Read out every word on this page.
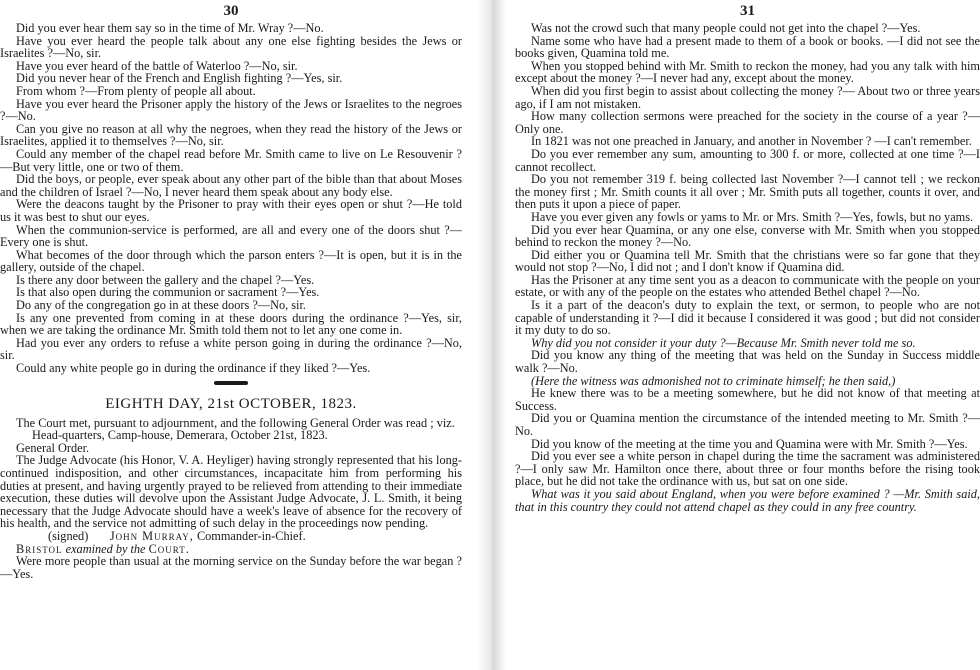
30

Did you ever hear them say so in the time of Mr. Wray ?—No.

Have you ever heard the people talk about any one else fighting besides the Jews or Israelites ?—No, sir.

Have you ever heard of the battle of Waterloo ?—No, sir.

Did you never hear of the French and English fighting ?—Yes, sir.

From whom ?—From plenty of people all about.

Have you ever heard the Prisoner apply the history of the Jews or Israelites to the negroes ?—No.

Can you give no reason at all why the negroes, when they read the history of the Jews or Israelites, applied it to themselves ?—No, sir.

Could any member of the chapel read before Mr. Smith came to live on Le Resouvenir ?—But very little, one or two of them.

Did the boys, or people, ever speak about any other part of the bible than that about Moses and the children of Israel ?—No, I never heard them speak about any body else.

Were the deacons taught by the Prisoner to pray with their eyes open or shut ?—He told us it was best to shut our eyes.

When the communion-service is performed, are all and every one of the doors shut ?—Every one is shut.

What becomes of the door through which the parson enters ?—It is open, but it is in the gallery, outside of the chapel.

Is there any door between the gallery and the chapel ?—Yes.

Is that also open during the communion or sacrament ?—Yes.

Do any of the congregation go in at these doors ?—No, sir.

Is any one prevented from coming in at these doors during the ordinance ?—Yes, sir, when we are taking the ordinance Mr. Smith told them not to let any one come in.

Had you ever any orders to refuse a white person going in during the ordinance ?—No, sir.

Could any white people go in during the ordinance if they liked ?—Yes.

EIGHTH DAY, 21st OCTOBER, 1823.

The Court met, pursuant to adjournment, and the following General Order was read ; viz.

Head-quarters, Camp-house, Demerara, October 21st, 1823.

General Order.

The Judge Advocate (his Honor, V. A. Heyliger) having strongly represented that his long-continued indisposition, and other circumstances, incapacitate him from performing his duties at present, and having urgently prayed to be relieved from attending to their immediate execution, these duties will devolve upon the Assistant Judge Advocate, J. L. Smith, it being necessary that the Judge Advocate should have a week's leave of absence for the recovery of his health, and the service not admitting of such delay in the proceedings now pending.

(signed) John Murray, Commander-in-Chief.

Bristol examined by the Court.

Were more people than usual at the morning service on the Sunday before the war began ?—Yes.

31

Was not the crowd such that many people could not get into the chapel ?—Yes.

Name some who have had a present made to them of a book or books. —I did not see the books given, Quamina told me.

When you stopped behind with Mr. Smith to reckon the money, had you any talk with him except about the money ?—I never had any, except about the money.

When did you first begin to assist about collecting the money ?— About two or three years ago, if I am not mistaken.

How many collection sermons were preached for the society in the course of a year ?—Only one.

In 1821 was not one preached in January, and another in November ? —I can't remember.

Do you ever remember any sum, amounting to 300 f. or more, collected at one time ?—I cannot recollect.

Do you not remember 319 f. being collected last November ?—I cannot tell ; we reckon the money first ; Mr. Smith counts it all over ; Mr. Smith puts all together, counts it over, and then puts it upon a piece of paper.

Have you ever given any fowls or yams to Mr. or Mrs. Smith ?—Yes, fowls, but no yams.

Did you ever hear Quamina, or any one else, converse with Mr. Smith when you stopped behind to reckon the money ?—No.

Did either you or Quamina tell Mr. Smith that the christians were so far gone that they would not stop ?—No, I did not ; and I don't know if Quamina did.

Has the Prisoner at any time sent you as a deacon to communicate with the people on your estate, or with any of the people on the estates who attended Bethel chapel ?—No.

Is it a part of the deacon's duty to explain the text, or sermon, to people who are not capable of understanding it ?—I did it because I considered it was good ; but did not consider it my duty to do so.

Why did you not consider it your duty ?—Because Mr. Smith never told me so.

Did you know any thing of the meeting that was held on the Sunday in Success middle walk ?—No.

(Here the witness was admonished not to criminate himself; he then said,)

He knew there was to be a meeting somewhere, but he did not know of that meeting at Success.

Did you or Quamina mention the circumstance of the intended meeting to Mr. Smith ?—No.

Did you know of the meeting at the time you and Quamina were with Mr. Smith ?—Yes.

Did you ever see a white person in chapel during the time the sacrament was administered ?—I only saw Mr. Hamilton once there, about three or four months before the rising took place, but he did not take the ordinance with us, but sat on one side.

What was it you said about England, when you were before examined ? —Mr. Smith said, that in this country they could not attend chapel as they could in any free country.
